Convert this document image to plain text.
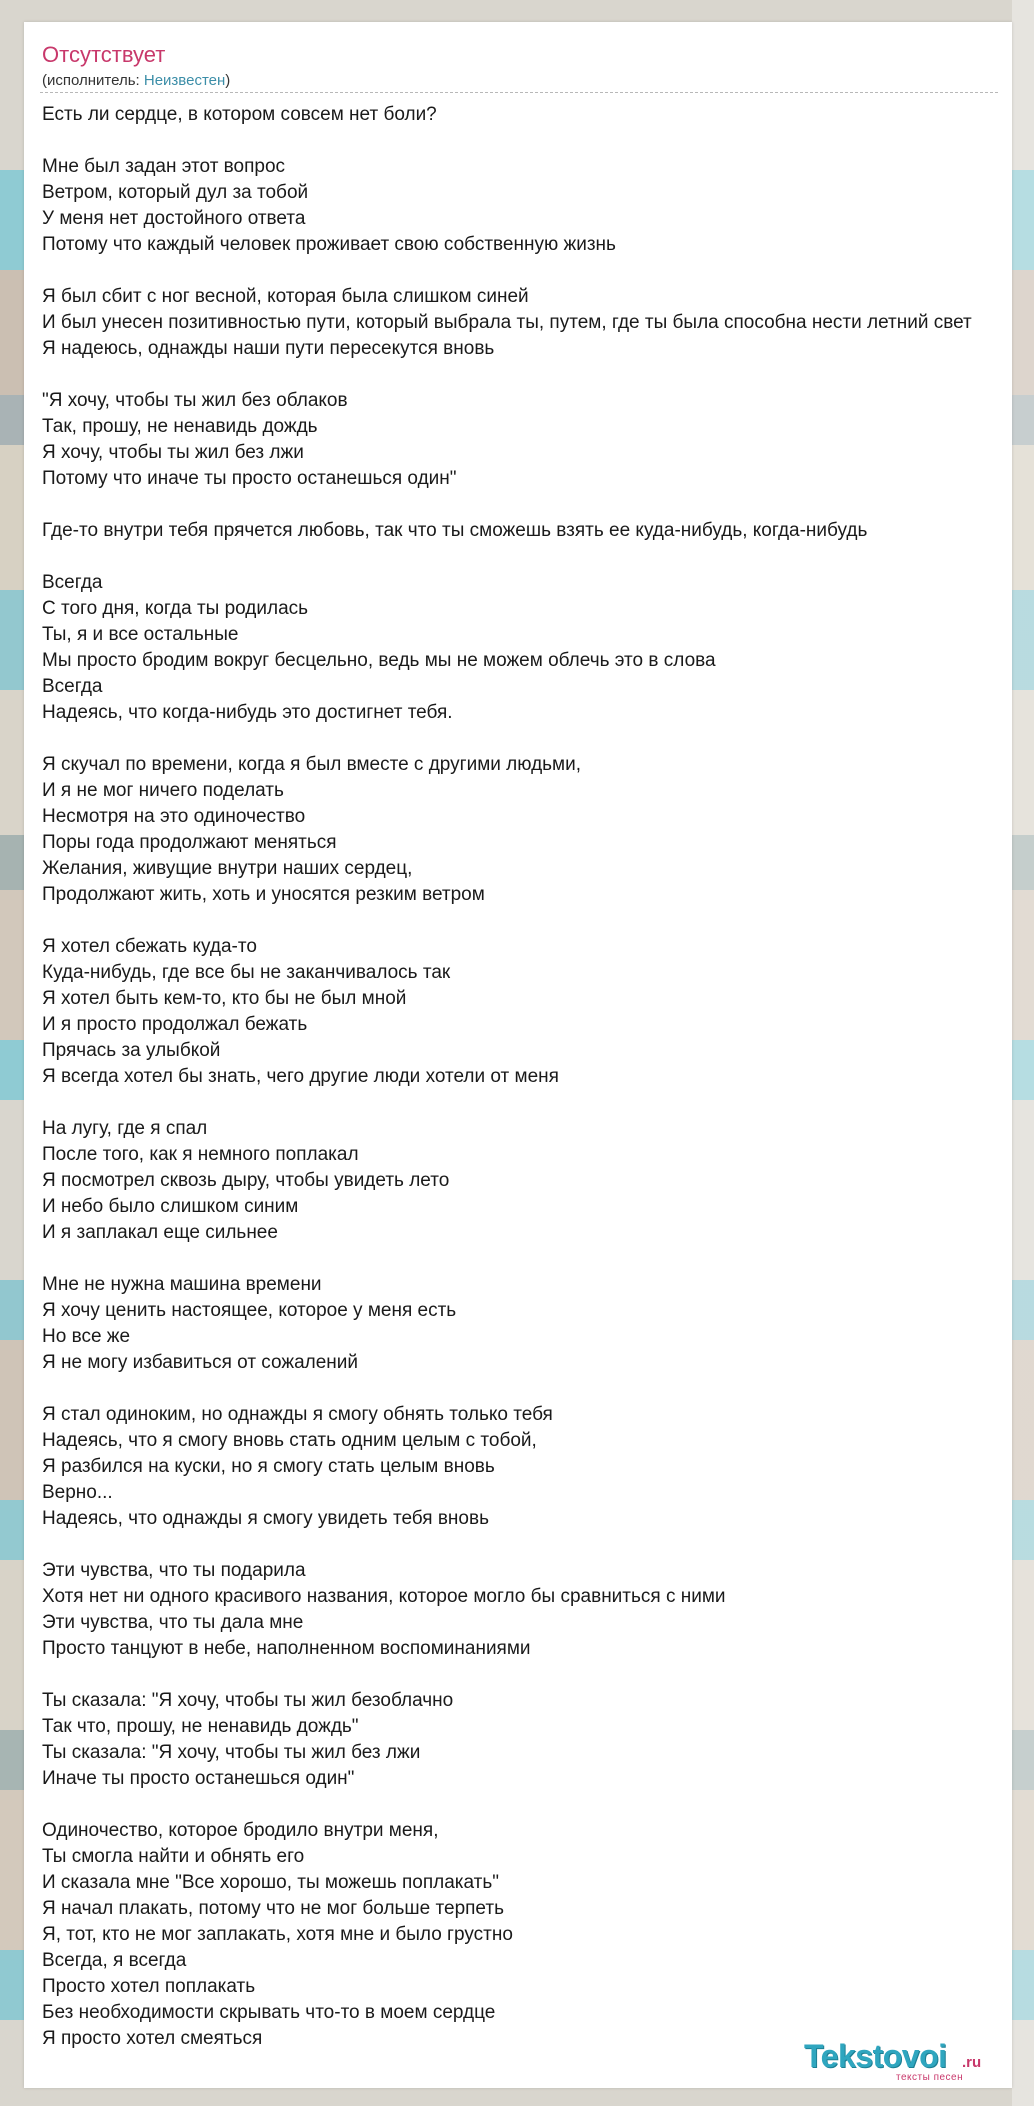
Отсутствует
(исполнитель: Неизвестен)
Есть ли сердце, в котором совсем нет боли?
Мне был задан этот вопрос
Ветром, который дул за тобой
У меня нет достойного ответа
Потому что каждый человек проживает свою собственную жизнь
Я был сбит с ног весной, которая была слишком синей
И был унесен позитивностью пути, который выбрала ты, путем, где ты была способна нести летний свет
Я надеюсь, однажды наши пути пересекутся вновь
"Я хочу, чтобы ты жил без облаков
Так, прошу, не ненавидь дождь
Я хочу, чтобы ты жил без лжи
Потому что иначе ты просто останешься один"
Где-то внутри тебя прячется любовь, так что ты сможешь взять ее куда-нибудь, когда-нибудь
Всегда
С того дня, когда ты родилась
Ты, я и все остальные
Мы просто бродим вокруг бесцельно, ведь мы не можем облечь это в слова
Всегда
Надеясь, что когда-нибудь это достигнет тебя.
Я скучал по времени, когда я был вместе с другими людьми,
И я не мог ничего поделать
Несмотря на это одиночество
Поры года продолжают меняться
Желания, живущие внутри наших сердец,
Продолжают жить, хоть и уносятся резким ветром
Я хотел сбежать куда-то
Куда-нибудь, где все бы не заканчивалось так
Я хотел быть кем-то, кто бы не был мной
И я просто продолжал бежать
Прячась за улыбкой
Я всегда хотел бы знать, чего другие люди хотели от меня
На лугу, где я спал
После того, как я немного поплакал
Я посмотрел сквозь дыру, чтобы увидеть лето
И небо было слишком синим
И я заплакал еще сильнее
Мне не нужна машина времени
Я хочу ценить настоящее, которое у меня есть
Но все же
Я не могу избавиться от сожалений
Я стал одиноким, но однажды я смогу обнять только тебя
Надеясь, что я смогу вновь стать одним целым с тобой,
Я разбился на куски, но я смогу стать целым вновь
Верно...
Надеясь, что однажды я смогу увидеть тебя вновь
Эти чувства, что ты подарила
Хотя нет ни одного красивого названия, которое могло бы сравниться с ними
Эти чувства, что ты дала мне
Просто танцуют в небе, наполненном воспоминаниями
Ты сказала: "Я хочу, чтобы ты жил безоблачно
Так что, прошу, не ненавидь дождь"
Ты сказала: "Я хочу, чтобы ты жил без лжи
Иначе ты просто останешься один"
Одиночество, которое бродило внутри меня,
Ты смогла найти и обнять его
И сказала мне "Все хорошо, ты можешь поплакать"
Я начал плакать, потому что не мог больше терпеть
Я, тот, кто не мог заплакать, хотя мне и было грустно
Всегда, я всегда
Просто хотел поплакать
Без необходимости скрывать что-то в моем сердце
Я просто хотел смеяться	Tekstovoi .ru
тексты песен
